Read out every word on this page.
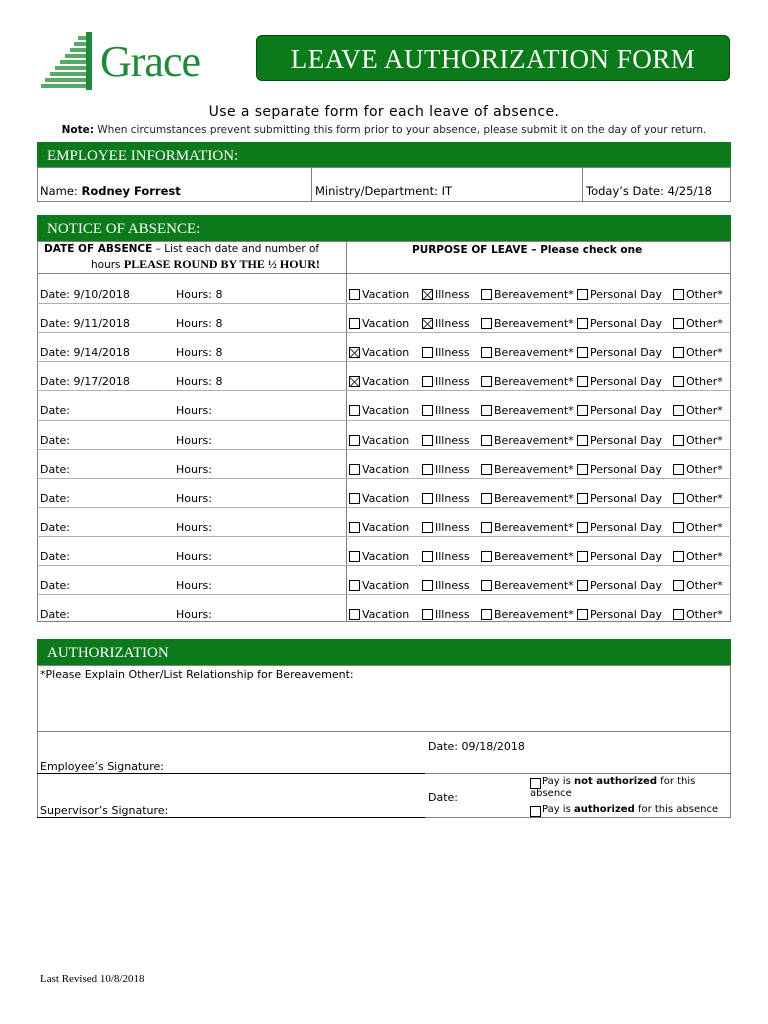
Grace	LEAVE AUTHORIZATION FORM
Use a separate form for each leave of absence.
Note: When circumstances prevent submitting this form prior to your absence, please submit it on the day of your return.
EMPLOYEE INFORMATION:
Name: Rodney Forrest	Ministry/Department: IT	Today’s Date: 4/25/18
NOTICE OF ABSENCE:
DATE OF ABSENCE – List each date and number of
hours PLEASE ROUND BY THE ½ HOUR!
PURPOSE OF LEAVE – Please check one
Date: 9/10/2018	Hours: 8	Vacation Illness Bereavement* Personal Day Other*
Date: 9/11/2018	Hours: 8	Vacation Illness Bereavement* Personal Day Other*
Date: 9/14/2018	Hours: 8	Vacation Illness Bereavement* Personal Day Other*
Date: 9/17/2018	Hours: 8	Vacation Illness Bereavement* Personal Day Other*
Date:	Hours:	Vacation Illness Bereavement* Personal Day Other*
Date:	Hours:	Vacation Illness Bereavement* Personal Day Other*
Date:	Hours:	Vacation Illness Bereavement* Personal Day Other*
Date:	Hours:	Vacation Illness Bereavement* Personal Day Other*
Date:	Hours:	Vacation Illness Bereavement* Personal Day Other*
Date:	Hours:	Vacation Illness Bereavement* Personal Day Other*
Date:	Hours:	Vacation Illness Bereavement* Personal Day Other*
Date:	Hours:	Vacation Illness Bereavement* Personal Day Other*
AUTHORIZATION
*Please Explain Other/List Relationship for Bereavement:
Employee’s Signature:
Date: 09/18/2018
Supervisor’s Signature:
Date:
Pay is not authorized for this
absence
Pay is authorized for this absence
Last Revised 10/8/2018
